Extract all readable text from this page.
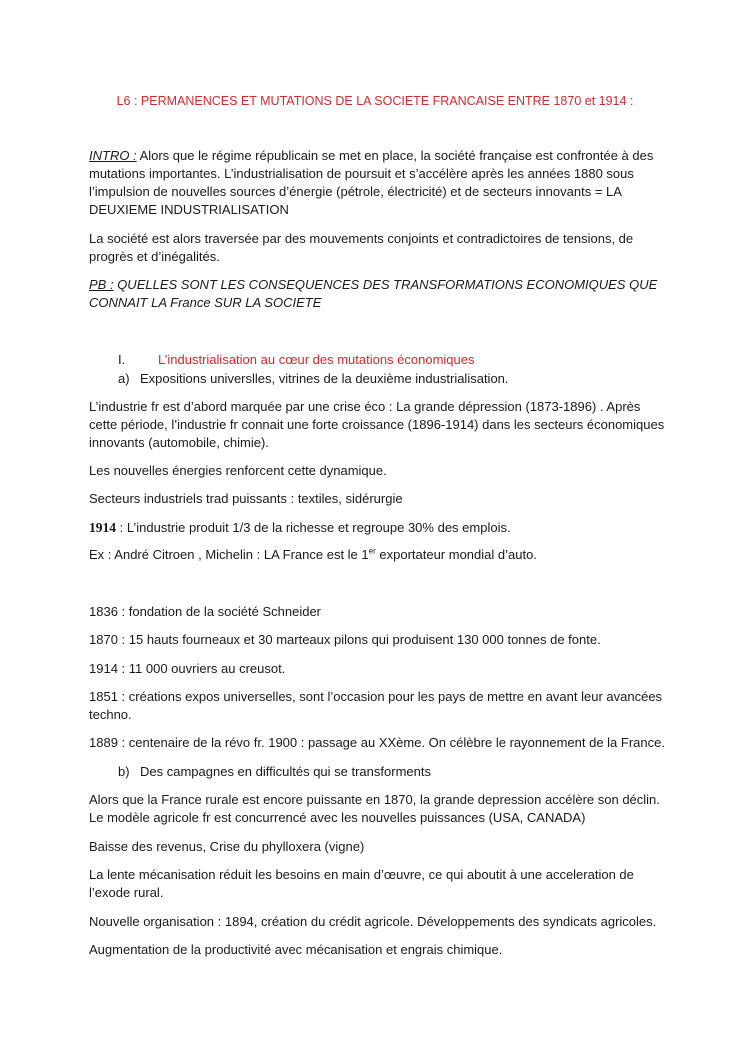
L6 : PERMANENCES ET MUTATIONS DE LA SOCIETE FRANCAISE ENTRE 1870 et 1914 :

INTRO : Alors que le régime républicain se met en place, la société française est confrontée à des mutations importantes. L’industrialisation de poursuit et s’accélère après les années 1880 sous l’impulsion de nouvelles sources d’énergie (pétrole, électricité) et de secteurs innovants = LA DEUXIEME INDUSTRIALISATION

La société est alors traversée par des mouvements conjoints et contradictoires de tensions, de progrès et d’inégalités.

PB : QUELLES SONT LES CONSEQUENCES DES TRANSFORMATIONS ECONOMIQUES QUE CONNAIT LA France SUR LA SOCIETE

I.	L’industrialisation au cœur des mutations économiques
a) Expositions universlles, vitrines de la deuxième industrialisation.

L’industrie fr est d’abord marquée par une crise éco : La grande dépression (1873-1896) . Après cette période, l’industrie fr connait une forte croissance (1896-1914) dans les secteurs économiques innovants (automobile, chimie).

Les nouvelles énergies renforcent cette dynamique.

Secteurs industriels trad puissants : textiles, sidérurgie

1914 : L’industrie produit 1/3 de la richesse et regroupe 30% des emplois.

Ex : André Citroen , Michelin : LA France est le 1er exportateur mondial d’auto.

1836 : fondation de la société Schneider

1870 : 15 hauts fourneaux et 30 marteaux pilons qui produisent 130 000 tonnes de fonte.

1914 : 11 000 ouvriers au creusot.

1851 : créations expos universelles, sont l’occasion pour les pays de mettre en avant leur avancées techno.

1889 : centenaire de la révo fr. 1900 : passage au XXème. On célèbre le rayonnement de la France.

b) Des campagnes en difficultés qui se transforments

Alors que la France rurale est encore puissante en 1870, la grande depression accélère son déclin. Le modèle agricole fr est concurrencé avec les nouvelles puissances (USA, CANADA)

Baisse des revenus, Crise du phylloxera (vigne)

La lente mécanisation réduit les besoins en main d’œuvre, ce qui aboutit à une acceleration de l’exode rural.

Nouvelle organisation : 1894, création du crédit agricole. Développements des syndicats agricoles.

Augmentation de la productivité avec mécanisation et engrais chimique.
